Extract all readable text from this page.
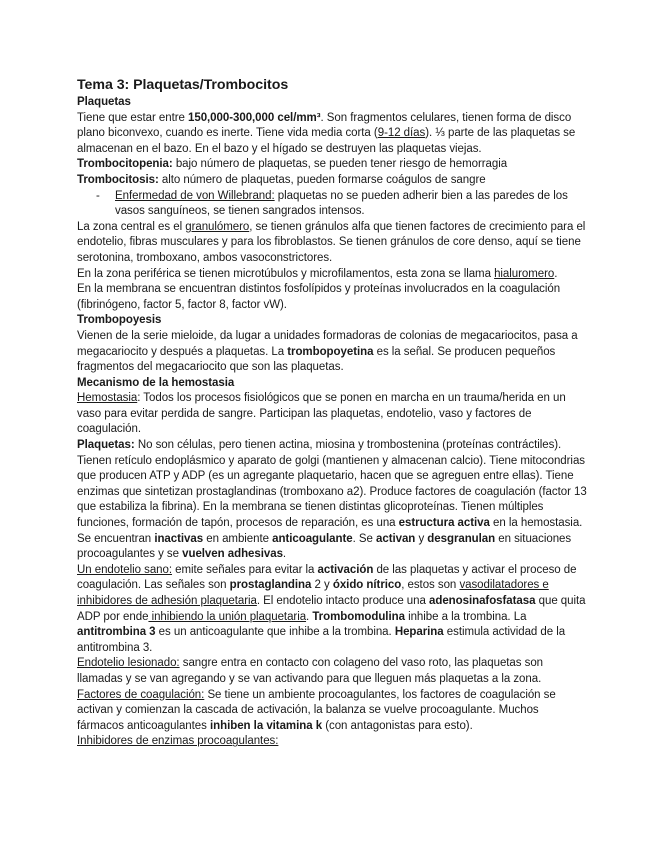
Tema 3: Plaquetas/Trombocitos

Plaquetas

Tiene que estar entre 150,000-300,000 cel/mm³. Son fragmentos celulares, tienen forma de disco plano biconvexo, cuando es inerte. Tiene vida media corta (9-12 días). ⅓ parte de las plaquetas se almacenan en el bazo. En el bazo y el hígado se destruyen las plaquetas viejas.

Trombocitopenia: bajo número de plaquetas, se pueden tener riesgo de hemorragia

Trombocitosis: alto número de plaquetas, pueden formarse coágulos de sangre

- Enfermedad de von Willebrand: plaquetas no se pueden adherir bien a las paredes de los vasos sanguíneos, se tienen sangrados intensos.

La zona central es el granulómero, se tienen gránulos alfa que tienen factores de crecimiento para el endotelio, fibras musculares y para los fibroblastos. Se tienen gránulos de core denso, aquí se tiene serotonina, tromboxano, ambos vasoconstrictores.

En la zona periférica se tienen microtúbulos y microfilamentos, esta zona se llama hialuromero.

En la membrana se encuentran distintos fosfolípidos y proteínas involucrados en la coagulación (fibrinógeno, factor 5, factor 8, factor vW).

Trombopoyesis

Vienen de la serie mieloide, da lugar a unidades formadoras de colonias de megacariocitos, pasa a megacariocito y después a plaquetas. La trombopoyetina es la señal. Se producen pequeños fragmentos del megacariocito que son las plaquetas.

Mecanismo de la hemostasia

Hemostasia: Todos los procesos fisiológicos que se ponen en marcha en un trauma/herida en un vaso para evitar perdida de sangre. Participan las plaquetas, endotelio, vaso y factores de coagulación.

Plaquetas: No son células, pero tienen actina, miosina y trombostenina (proteínas contráctiles). Tienen retículo endoplásmico y aparato de golgi (mantienen y almacenan calcio). Tiene mitocondrias que producen ATP y ADP (es un agregante plaquetario, hacen que se agreguen entre ellas). Tiene enzimas que sintetizan prostaglandinas (tromboxano a2). Produce factores de coagulación (factor 13 que estabiliza la fibrina). En la membrana se tienen distintas glicoproteínas. Tienen múltiples funciones, formación de tapón, procesos de reparación, es una estructura activa en la hemostasia.

Se encuentran inactivas en ambiente anticoagulante. Se activan y desgranulan en situaciones procoagulantes y se vuelven adhesivas.

Un endotelio sano: emite señales para evitar la activación de las plaquetas y activar el proceso de coagulación. Las señales son prostaglandina 2 y óxido nítrico, estos son vasodilatadores e inhibidores de adhesión plaquetaria. El endotelio intacto produce una adenosinafosfatasa que quita ADP por ende inhibiendo la unión plaquetaria. Trombomodulina inhibe a la trombina. La antitrombina 3 es un anticoagulante que inhibe a la trombina. Heparina estimula actividad de la antitrombina 3.

Endotelio lesionado: sangre entra en contacto con colageno del vaso roto, las plaquetas son llamadas y se van agregando y se van activando para que lleguen más plaquetas a la zona.

Factores de coagulación: Se tiene un ambiente procoagulantes, los factores de coagulación se activan y comienzan la cascada de activación, la balanza se vuelve procoagulante. Muchos fármacos anticoagulantes inhiben la vitamina k (con antagonistas para esto).

Inhibidores de enzimas procoagulantes:
